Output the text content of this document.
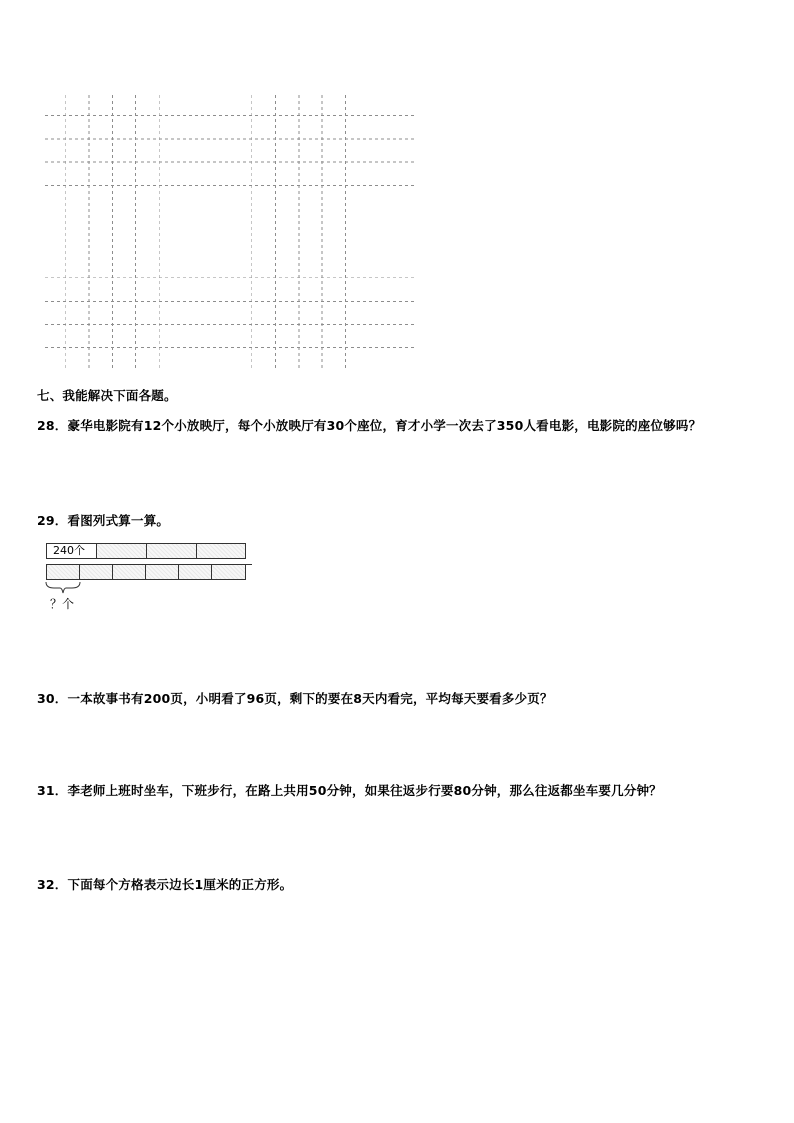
七、我能解决下面各题。
28．豪华电影院有12个小放映厅，每个小放映厅有30个座位，育才小学一次去了350人看电影，电影院的座位够吗？
29．看图列式算一算。
240个
？个
30．一本故事书有200页，小明看了96页，剩下的要在8天内看完，平均每天要看多少页？
31．李老师上班时坐车，下班步行，在路上共用50分钟，如果往返步行要80分钟，那么往返都坐车要几分钟？
32．下面每个方格表示边长1厘米的正方形。
